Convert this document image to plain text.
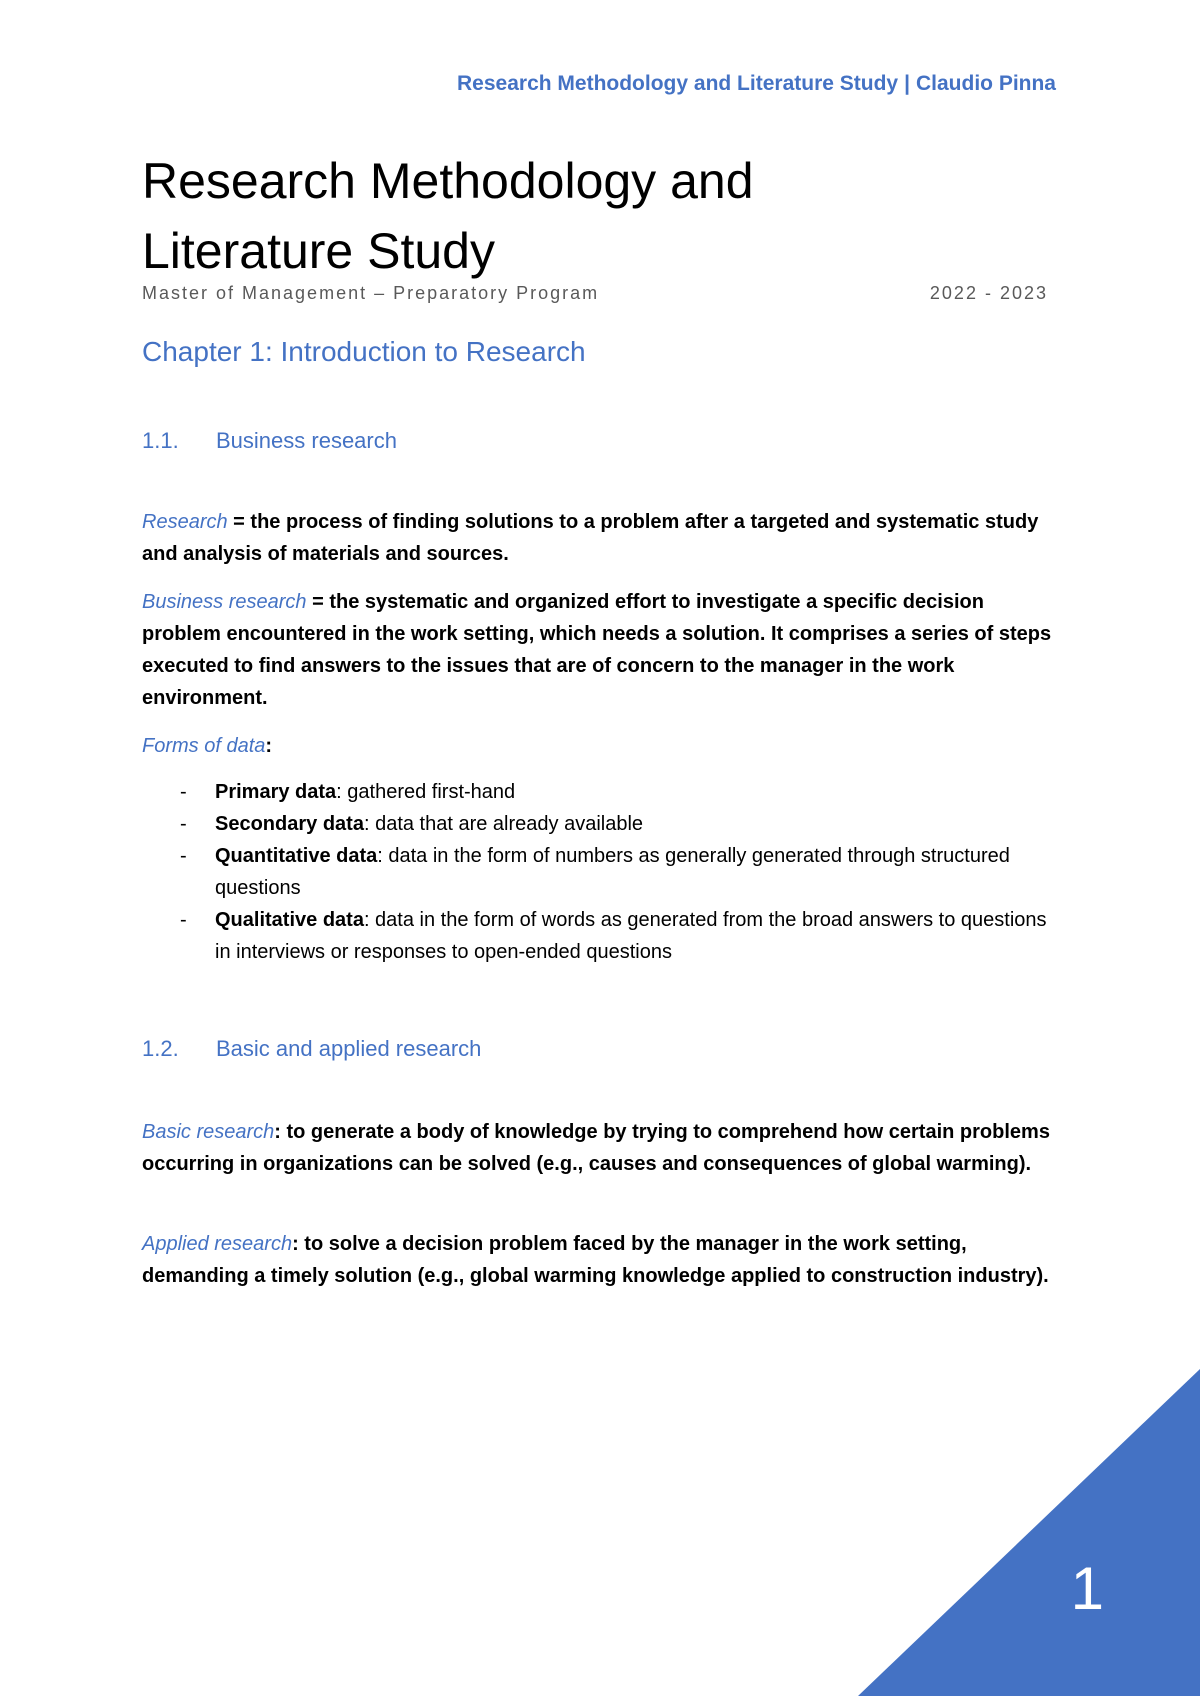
Research Methodology and Literature Study | Claudio Pinna
Research Methodology and
Literature Study
Master of Management – Preparatory Program	2022 - 2023
Chapter 1: Introduction to Research
1.1. Business research

Research = the process of finding solutions to a problem after a targeted and systematic study and analysis of materials and sources.

Business research = the systematic and organized effort to investigate a specific decision problem encountered in the work setting, which needs a solution. It comprises a series of steps executed to find answers to the issues that are of concern to the manager in the work environment.

Forms of data:

- Primary data: gathered first-hand
- Secondary data: data that are already available
- Quantitative data: data in the form of numbers as generally generated through structured questions
- Qualitative data: data in the form of words as generated from the broad answers to questions in interviews or responses to open-ended questions
1.2. Basic and applied research

Basic research: to generate a body of knowledge by trying to comprehend how certain problems occurring in organizations can be solved (e.g., causes and consequences of global warming).

Applied research: to solve a decision problem faced by the manager in the work setting, demanding a timely solution (e.g., global warming knowledge applied to construction industry).

1
